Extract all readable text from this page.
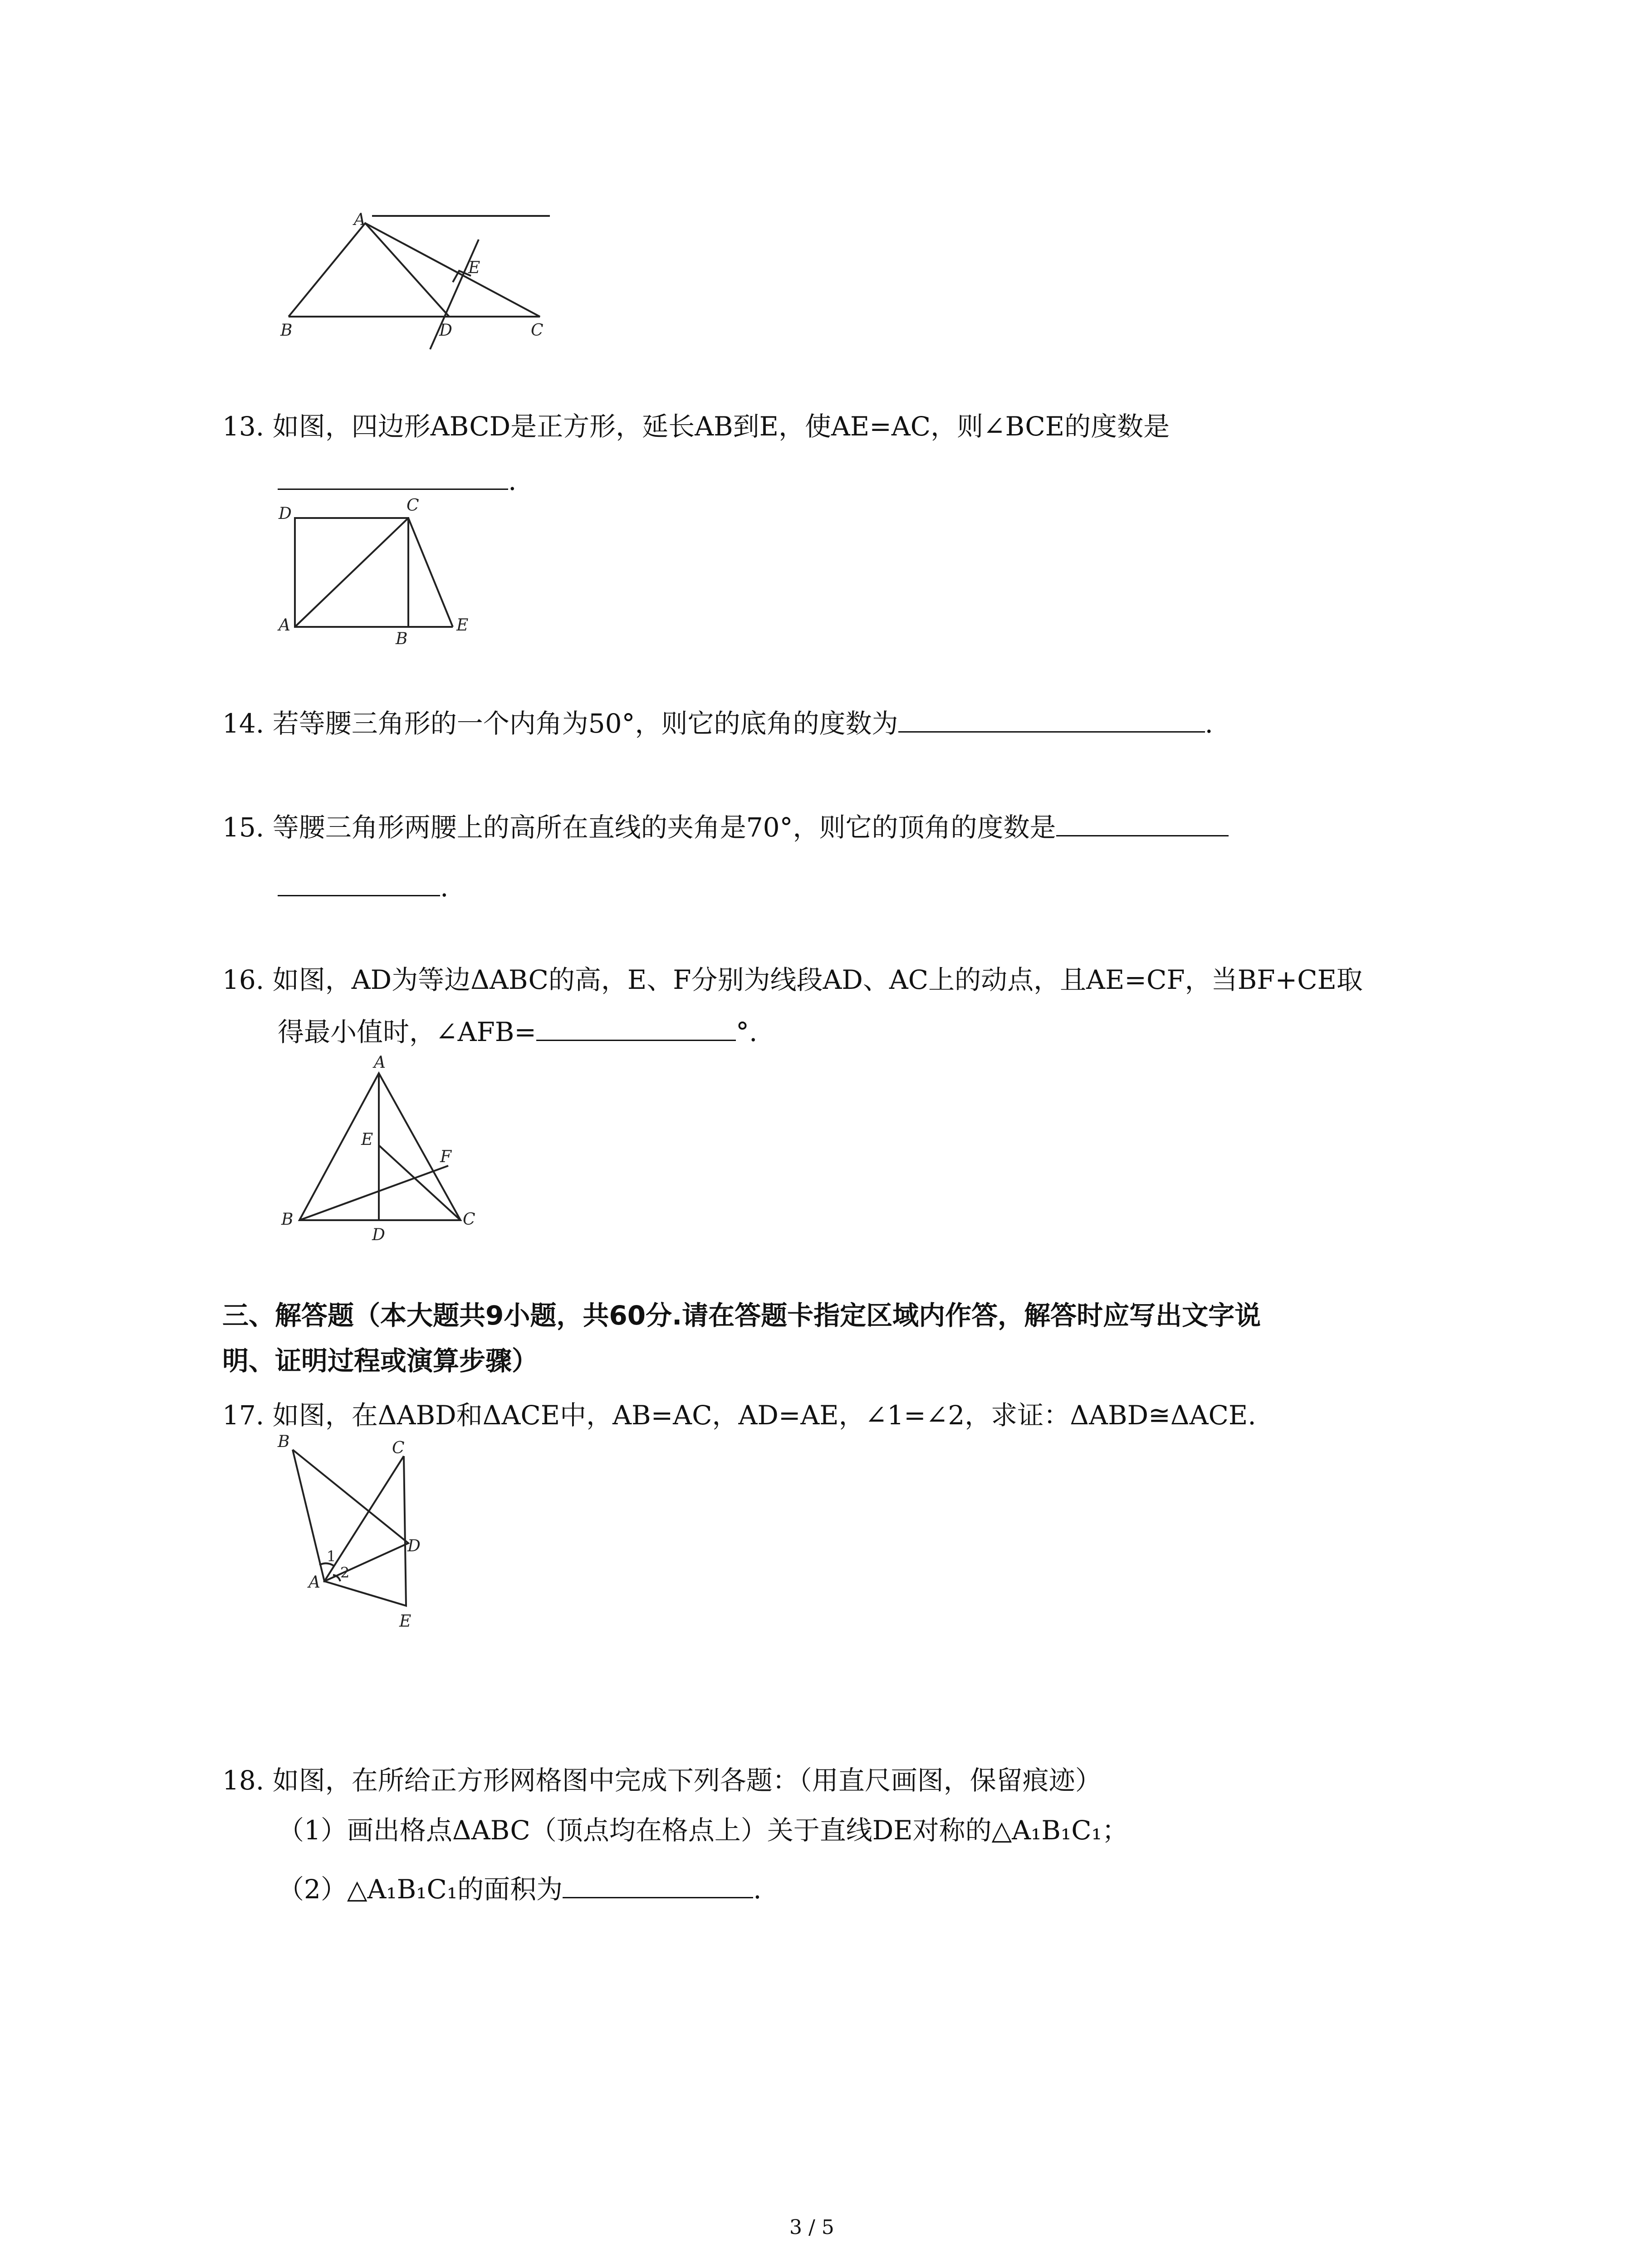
A
B	D	C
E
13. 如图，四边形ABCD是正方形，延长AB到E，使AE=AC，则∠BCE的度数是
.
D	C
A
B
E
14. 若等腰三角形的一个内角为50°，则它的底角的度数为	.
15. 等腰三角形两腰上的高所在直线的夹角是70°，则它的顶角的度数是
.
16. 如图，AD为等边ΔABC的高，E、F分别为线段AD、AC上的动点，且AE=CF，当BF+CE取
得最小值时，∠AFB=	°.
A
E
F
B
D
C
三、解答题（本大题共9小题，共60分.请在答题卡指定区域内作答，解答时应写出文字说
明、证明过程或演算步骤）
17. 如图，在ΔABD和ΔACE中，AB=AC，AD=AE，∠1=∠2，求证：ΔABD≅ΔACE.
B	C
1
2
D
A
E
18. 如图，在所给正方形网格图中完成下列各题：（用直尺画图，保留痕迹）
（1）画出格点ΔABC（顶点均在格点上）关于直线DE对称的△A₁B₁C₁；
（2）△A₁B₁C₁的面积为	.
3 / 5
